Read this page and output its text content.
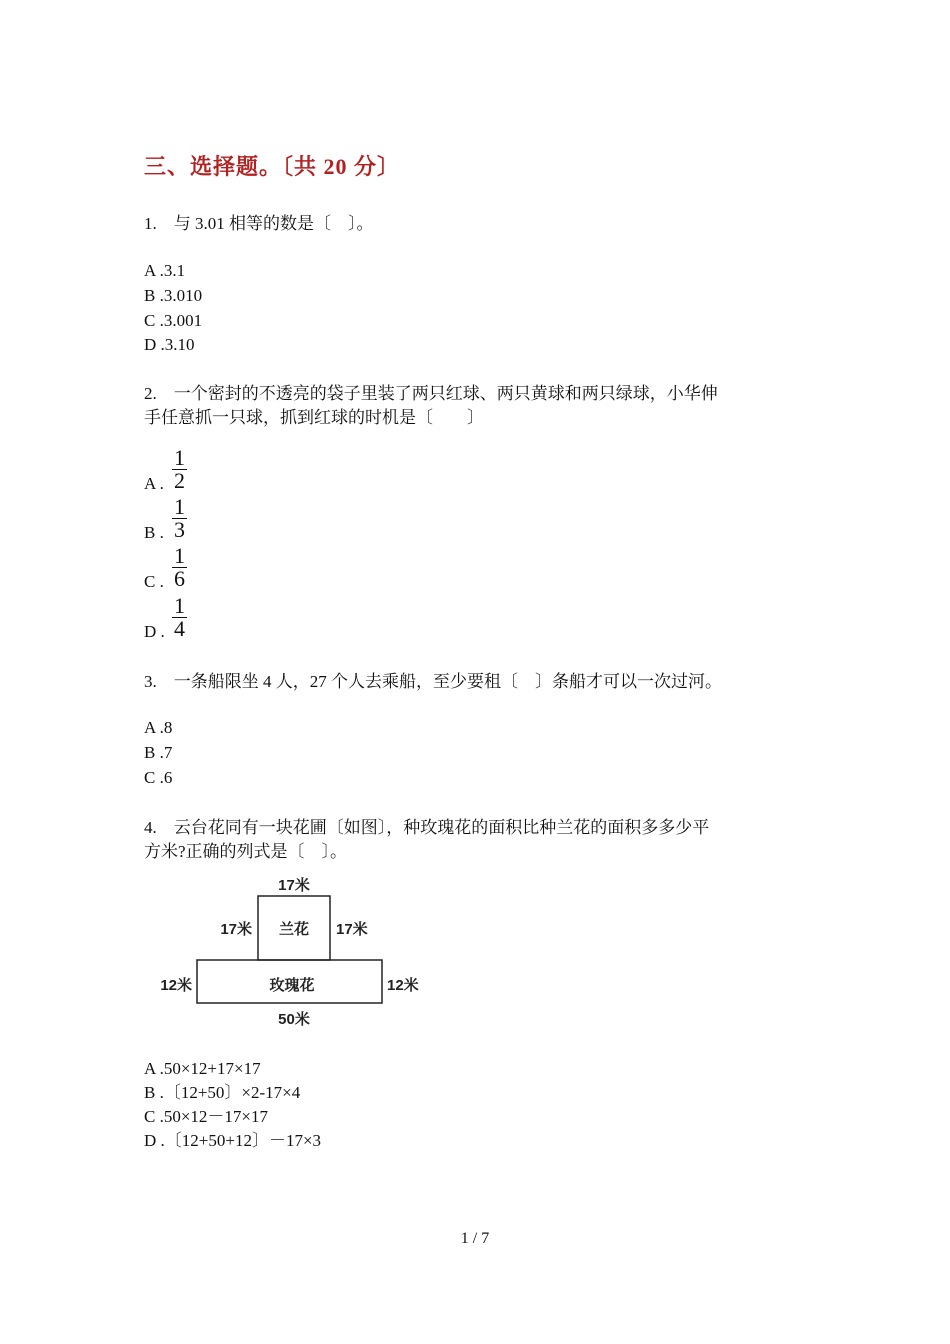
三、选择题。〔共 20 分〕
1.　与 3.01 相等的数是〔　〕。
A .3.1
B .3.010
C .3.001
D .3.10
2.　一个密封的不透亮的袋子里装了两只红球、两只黄球和两只绿球，小华伸
手任意抓一只球，抓到红球的时机是〔　　〕
A .
1
2
B .
1
3
C .
1
6
D .
1
4
3.　一条船限坐 4 人，27 个人去乘船，至少要租〔　〕条船才可以一次过河。
A .8
B .7
C .6
4.　云台花同有一块花圃〔如图〕，种玫瑰花的面积比种兰花的面积多多少平
方米?正确的列式是〔　〕。
17米
17米	17米
兰花
12米	12米
玫瑰花
50米
A .50×12+17×17
B .〔12+50〕×2-17×4
C .50×12－17×17
D .〔12+50+12〕－17×3
1 / 7
